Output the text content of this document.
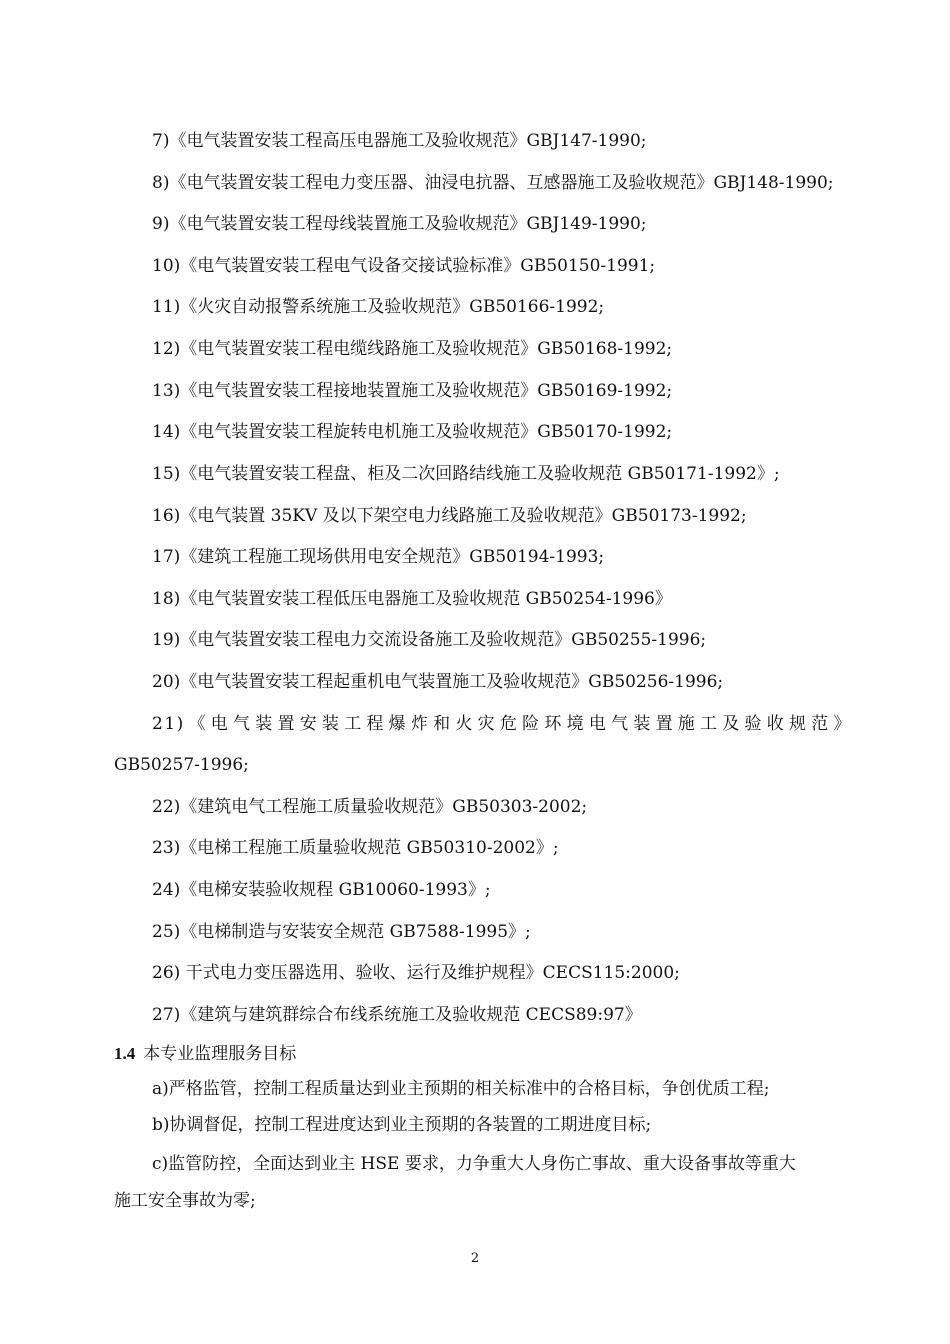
7)《电气装置安装工程高压电器施工及验收规范》GBJ147-1990;
8)《电气装置安装工程电力变压器、油浸电抗器、互感器施工及验收规范》GBJ148-1990;
9)《电气装置安装工程母线装置施工及验收规范》GBJ149-1990;
10)《电气装置安装工程电气设备交接试验标准》GB50150-1991;
11)《火灾自动报警系统施工及验收规范》GB50166-1992;
12)《电气装置安装工程电缆线路施工及验收规范》GB50168-1992;
13)《电气装置安装工程接地装置施工及验收规范》GB50169-1992;
14)《电气装置安装工程旋转电机施工及验收规范》GB50170-1992;
15)《电气装置安装工程盘、柜及二次回路结线施工及验收规范 GB50171-1992》;
16)《电气装置 35KV 及以下架空电力线路施工及验收规范》GB50173-1992;
17)《建筑工程施工现场供用电安全规范》GB50194-1993;
18)《电气装置安装工程低压电器施工及验收规范 GB50254-1996》
19)《电气装置安装工程电力交流设备施工及验收规范》GB50255-1996;
20)《电气装置安装工程起重机电气装置施工及验收规范》GB50256-1996;
21)《电气装置安装工程爆炸和火灾危险环境电气装置施工及验收规范》
GB50257-1996;
22)《建筑电气工程施工质量验收规范》GB50303-2002;
23)《电梯工程施工质量验收规范 GB50310-2002》;
24)《电梯安装验收规程 GB10060-1993》;
25)《电梯制造与安装安全规范 GB7588-1995》;
26) 干式电力变压器选用、验收、运行及维护规程》CECS115:2000;
27)《建筑与建筑群综合布线系统施工及验收规范 CECS89:97》
1.4 本专业监理服务目标
a)严格监管，控制工程质量达到业主预期的相关标准中的合格目标，争创优质工程;
b)协调督促，控制工程进度达到业主预期的各装置的工期进度目标;
c)监管防控，全面达到业主 HSE 要求，力争重大人身伤亡事故、重大设备事故等重大
施工安全事故为零;
2
